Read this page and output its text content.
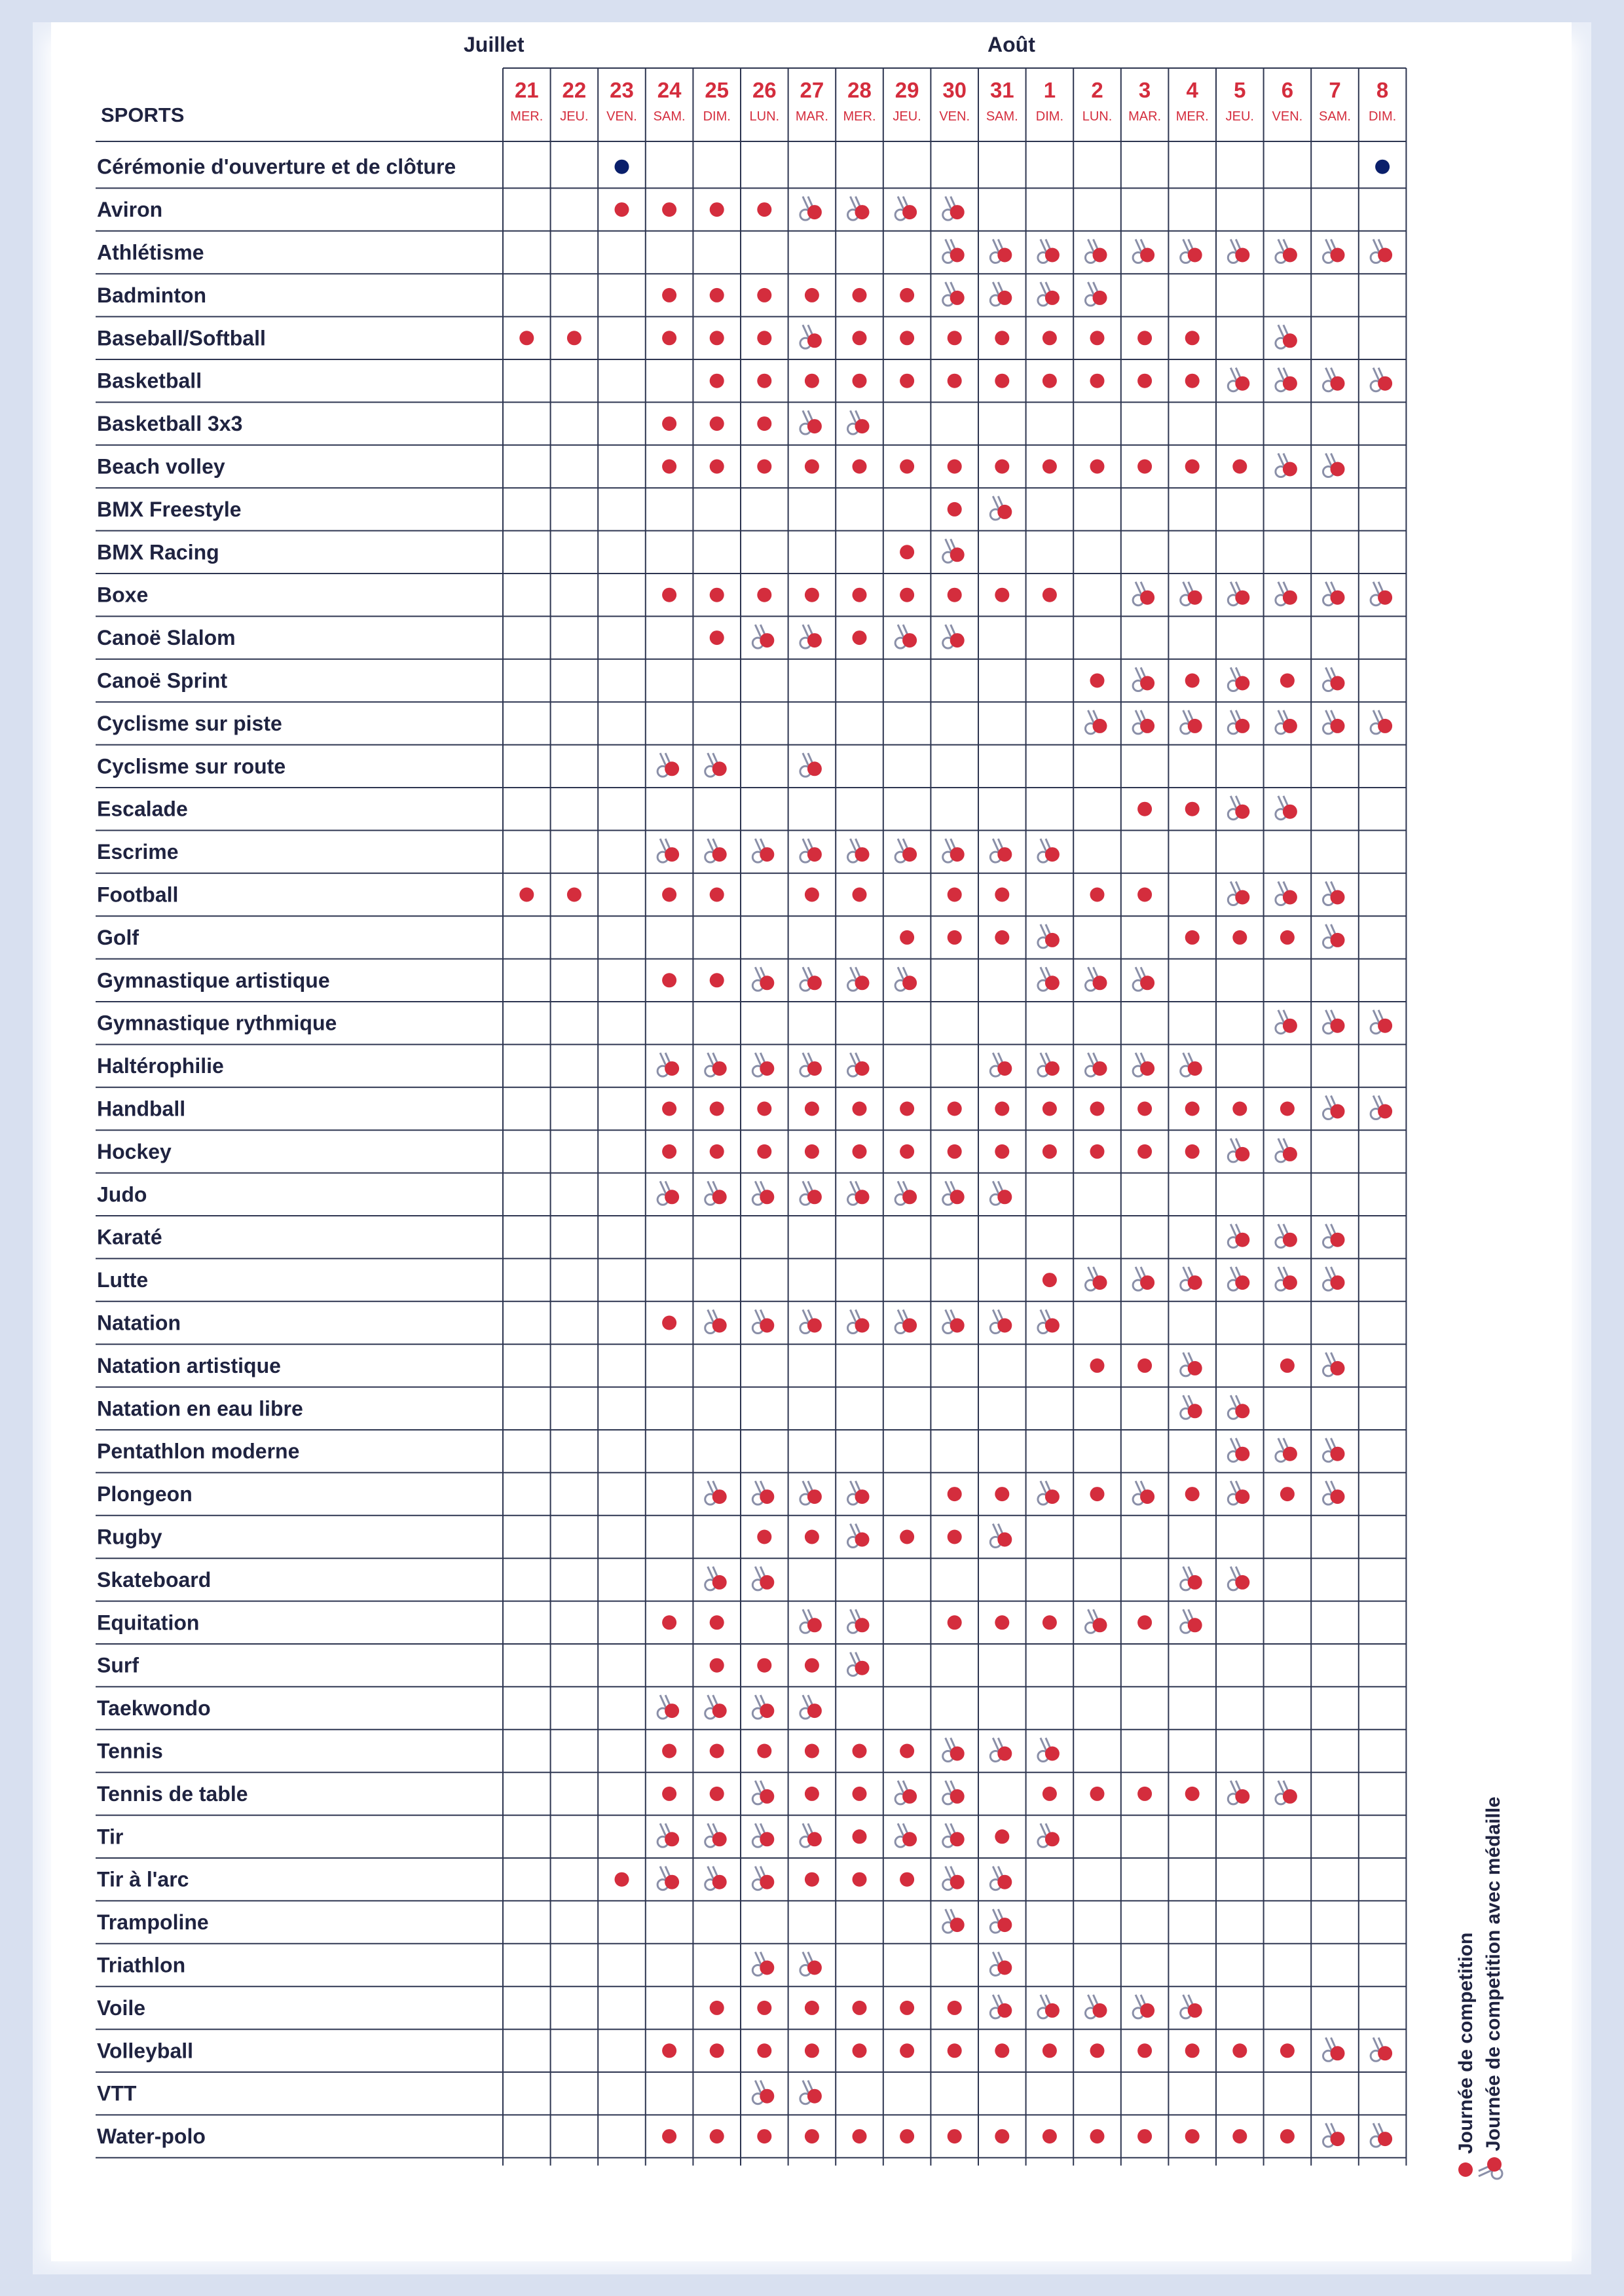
Juillet	Août
SPORTS
21
MER.
22
JEU.
23
VEN.
24
SAM.
25
DIM.
26
LUN.
27
MAR.
28
MER.
29
JEU.
30
VEN.
31
SAM.
1
DIM.
2
LUN.
3
MAR.
4
MER.
5
JEU.
6
VEN.
7
SAM.
8
DIM.
Cérémonie d'ouverture et de clôture
Aviron
Athlétisme
Badminton
Baseball/Softball
Basketball
Basketball 3x3
Beach volley
BMX Freestyle
BMX Racing
Boxe
Canoë Slalom
Canoë Sprint
Cyclisme sur piste
Cyclisme sur route
Escalade
Escrime
Football
Golf
Gymnastique artistique
Gymnastique rythmique
Haltérophilie
Handball
Hockey
Judo
Karaté
Lutte
Natation
Natation artistique
Natation en eau libre
Pentathlon moderne
Plongeon
Rugby
Skateboard
Equitation
Surf
Taekwondo
Tennis
Tennis de table
Tir
Tir à l'arc
Trampoline
Triathlon
Voile
Volleyball
VTT
Water-polo	Journée de competition Journée de competition avec médaille
